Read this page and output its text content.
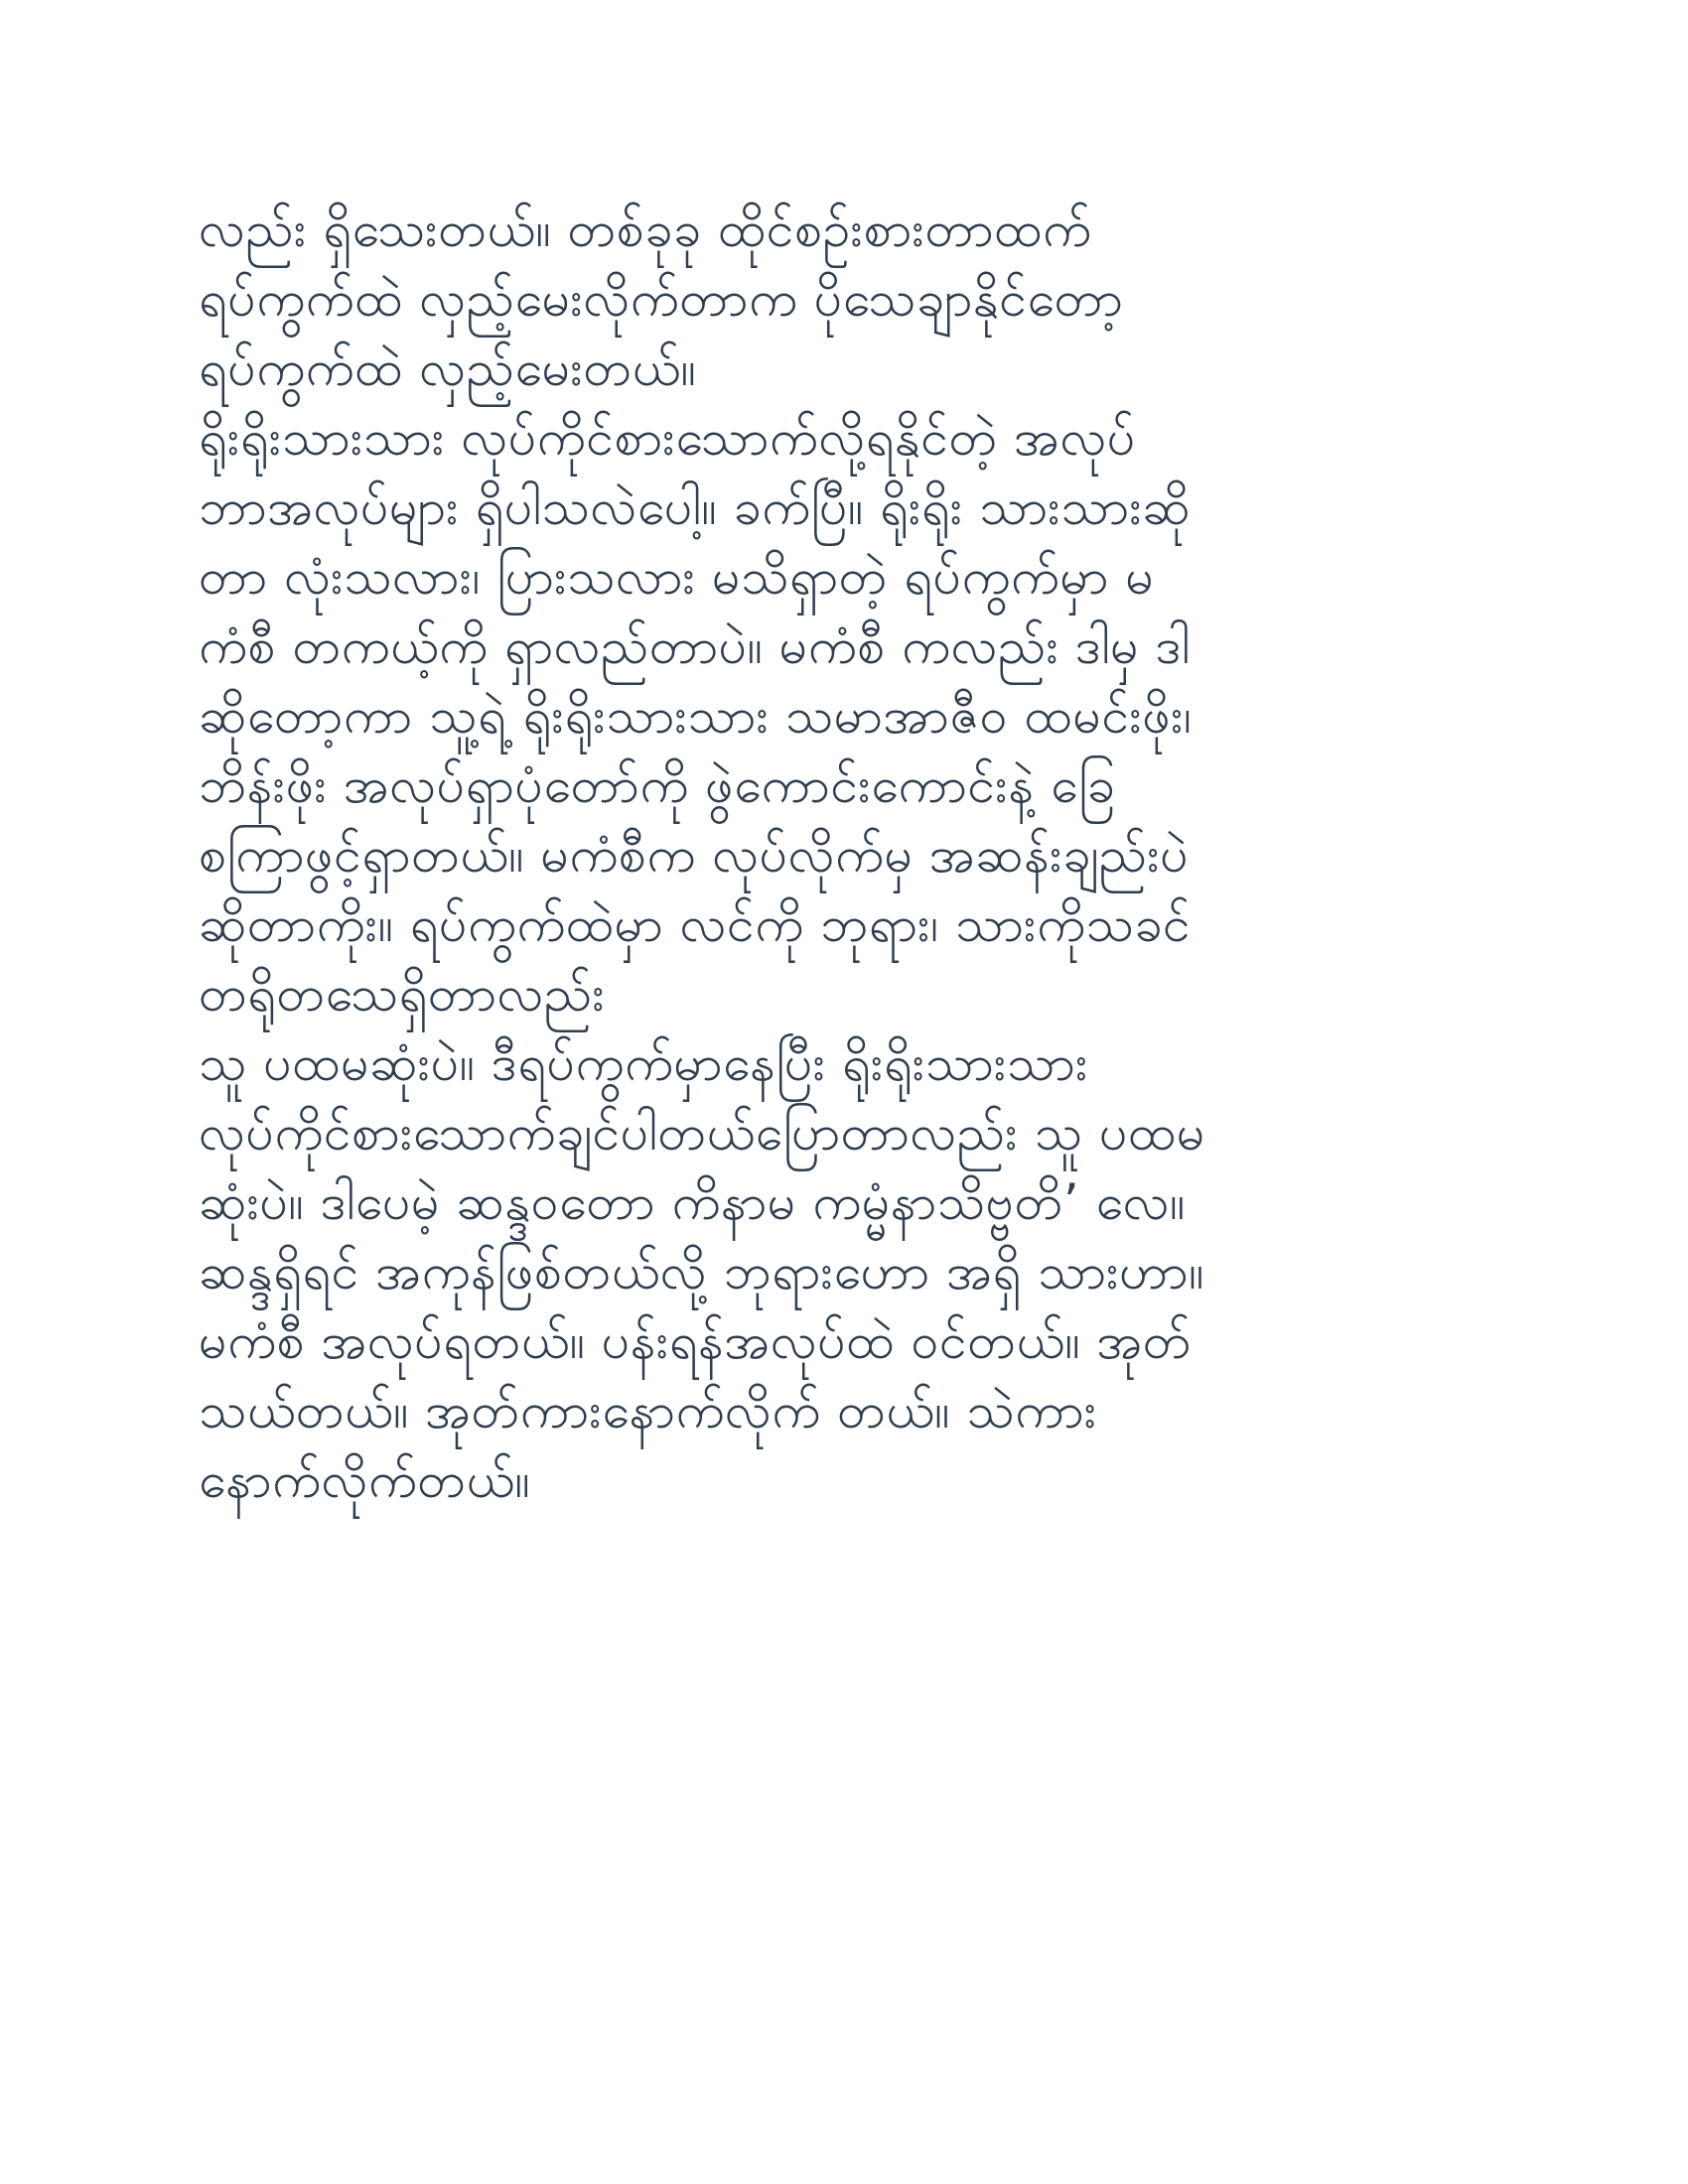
လည်း ရှိသေးတယ်။ တစ်ခုခု ထိုင်စဉ်းစားတာထက်
ရပ်ကွက်ထဲ လှည့်မေးလိုက်တာက ပိုသေချာနိုင်တော့
ရပ်ကွက်ထဲ လှည့်မေးတယ်။
ရိုးရိုးသားသား လုပ်ကိုင်စားသောက်လို့ရနိုင်တဲ့ အလုပ်
ဘာအလုပ်များ ရှိပါသလဲပေါ့။ ခက်ပြီ။ ရိုးရိုး သားသားဆို
တာ လုံးသလား၊ ပြားသလား မသိရှာတဲ့ ရပ်ကွက်မှာ မ
ကံစီ တကယ့်ကို ရှာလည်တာပဲ။ မကံစီ ကလည်း ဒါမှ ဒါ
ဆိုတော့ကာ သူ့ရဲ့ ရိုးရိုးသားသား သမာအာဇီဝ ထမင်းဖိုး၊
ဘိန်းဖိုး အလုပ်ရှာပုံတော်ကို ဖွဲကောင်းကောင်းနဲ့ ခြေ
စကြာဖွင့်ရှာတယ်။ မကံစီက လုပ်လိုက်မှ အဆန်းချည်းပဲ
ဆိုတာကိုး။ ရပ်ကွက်ထဲမှာ လင်ကို ဘုရား၊ သားကိုသခင်
တရိုတသေရှိတာလည်း
သူ ပထမဆုံးပဲ။ ဒီရပ်ကွက်မှာနေပြီး ရိုးရိုးသားသား
လုပ်ကိုင်စားသောက်ချင်ပါတယ်ပြောတာလည်း သူ ပထမ
ဆုံးပဲ။ ဒါပေမဲ့ ဆန္ဒဝတော ကိနာမ ကမ္မံနာသိဗ္ဗတိ’ လေ။
ဆန္ဒရှိရင် အကုန်ဖြစ်တယ်လို့ ဘုရားဟော အရှိ သားဟာ။
မကံစီ အလုပ်ရတယ်။ ပန်းရန်အလုပ်ထဲ ဝင်တယ်။ အုတ်
သယ်တယ်။ အုတ်ကားနောက်လိုက် တယ်။ သဲကား
နောက်လိုက်တယ်။
